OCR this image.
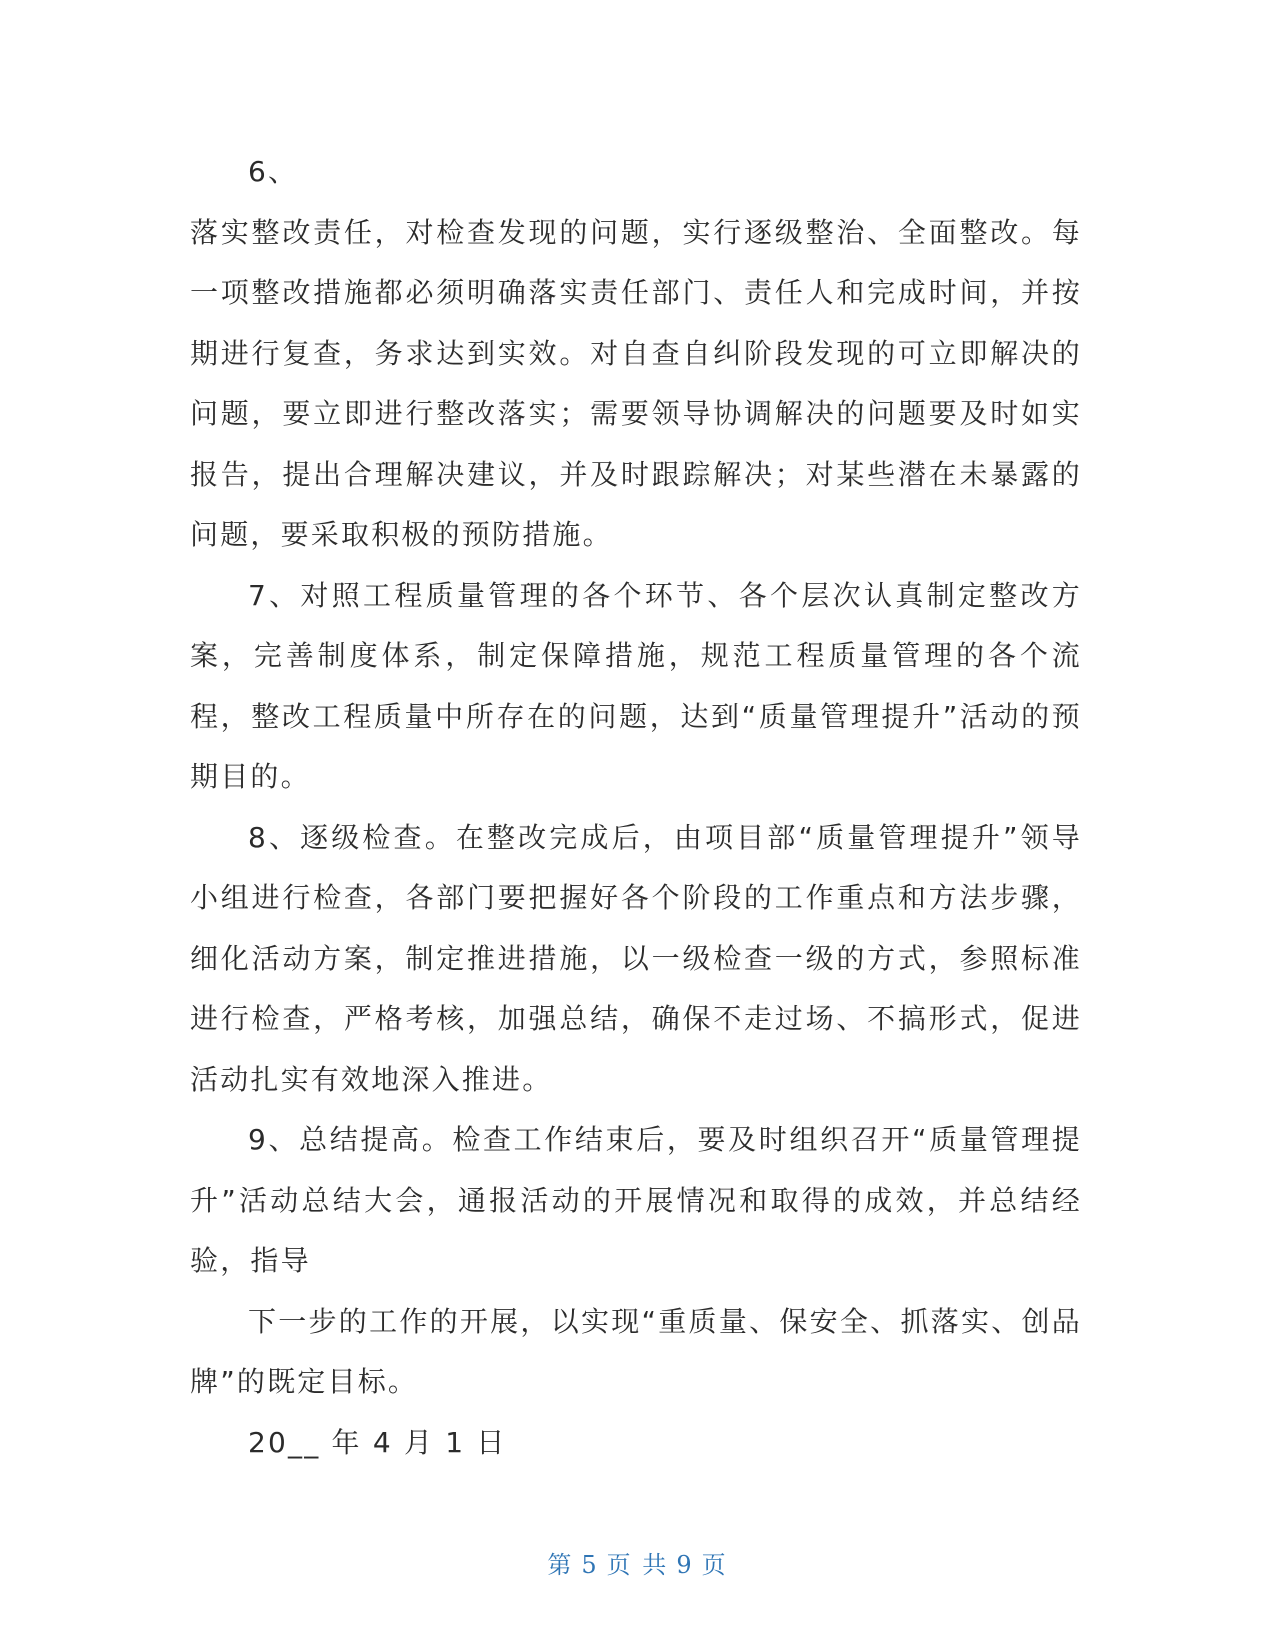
6、

落实整改责任，对检查发现的问题，实行逐级整治、全面整改。每一项整改措施都必须明确落实责任部门、责任人和完成时间，并按期进行复查，务求达到实效。对自查自纠阶段发现的可立即解决的问题，要立即进行整改落实；需要领导协调解决的问题要及时如实报告，提出合理解决建议，并及时跟踪解决；对某些潜在未暴露的问题，要采取积极的预防措施。

7、对照工程质量管理的各个环节、各个层次认真制定整改方案，完善制度体系，制定保障措施，规范工程质量管理的各个流程，整改工程质量中所存在的问题，达到“质量管理提升”活动的预期目的。

8、逐级检查。在整改完成后，由项目部“质量管理提升”领导小组进行检查，各部门要把握好各个阶段的工作重点和方法步骤，细化活动方案，制定推进措施，以一级检查一级的方式，参照标准进行检查，严格考核，加强总结，确保不走过场、不搞形式，促进活动扎实有效地深入推进。

9、总结提高。检查工作结束后，要及时组织召开“质量管理提升”活动总结大会，通报活动的开展情况和取得的成效，并总结经验，指导

下一步的工作的开展，以实现“重质量、保安全、抓落实、创品牌”的既定目标。

20__ 年 4 月 1 日

第 5 页 共 9 页
